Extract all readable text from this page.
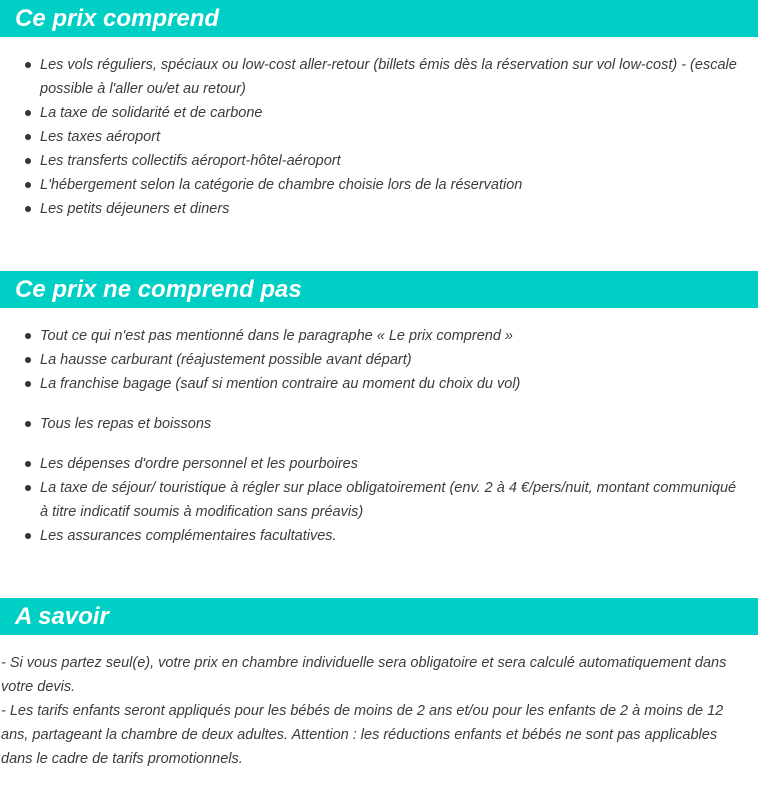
Ce prix comprend
Les vols réguliers, spéciaux ou low-cost aller-retour (billets émis dès la réservation sur vol low-cost) - (escale possible à l'aller ou/et au retour)
La taxe de solidarité et de carbone
Les taxes aéroport
Les transferts collectifs aéroport-hôtel-aéroport
L'hébergement selon la catégorie de chambre choisie lors de la réservation
Les petits déjeuners et diners
Ce prix ne comprend pas
Tout ce qui n'est pas mentionné dans le paragraphe « Le prix comprend »
La hausse carburant (réajustement possible avant départ)
La franchise bagage (sauf si mention contraire au moment du choix du vol)
Tous les repas et boissons
Les dépenses d'ordre personnel et les pourboires
La taxe de séjour/ touristique à régler sur place obligatoirement (env. 2 à 4 €/pers/nuit, montant communiqué à titre indicatif soumis à modification sans préavis)
Les assurances complémentaires facultatives.
A savoir

- Si vous partez seul(e), votre prix en chambre individuelle sera obligatoire et sera calculé automatiquement dans votre devis.

- Les tarifs enfants seront appliqués pour les bébés de moins de 2 ans et/ou pour les enfants de 2 à moins de 12 ans, partageant la chambre de deux adultes. Attention : les réductions enfants et bébés ne sont pas applicables dans le cadre de tarifs promotionnels.
